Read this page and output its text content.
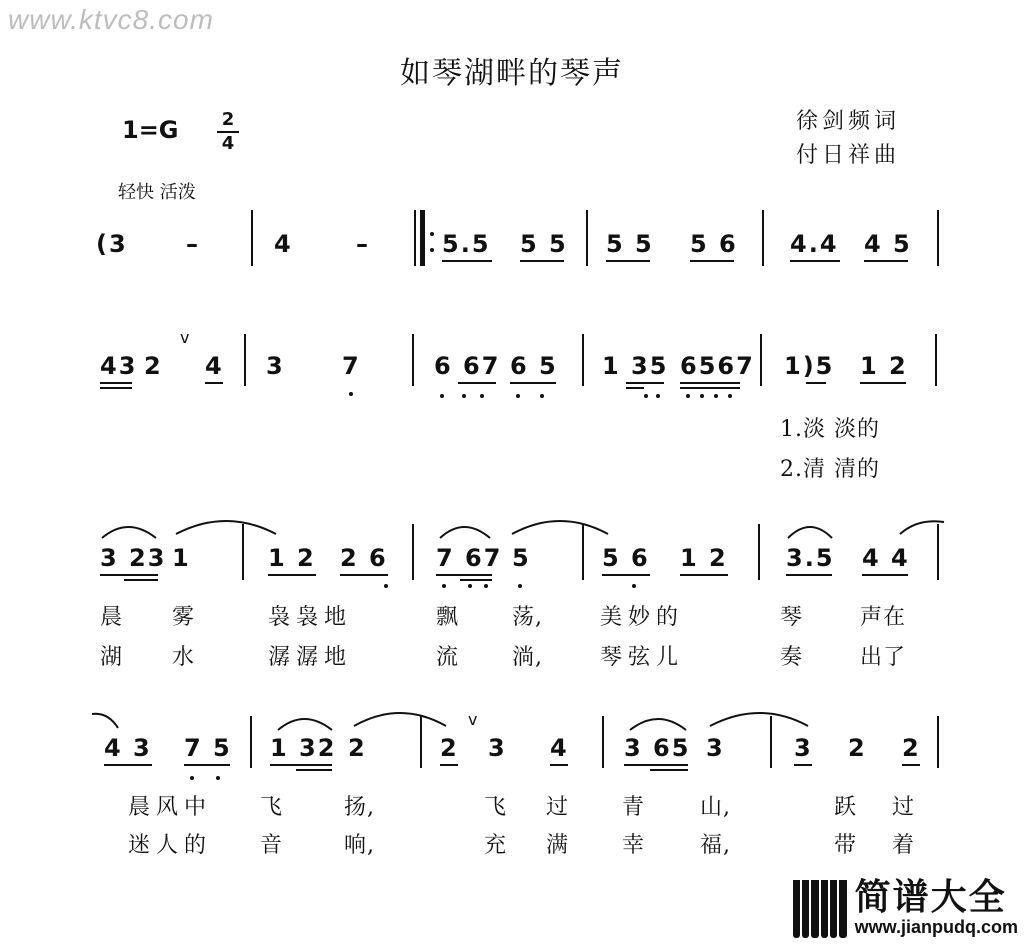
www.ktvc8.com
如琴湖畔的琴声
徐剑频词
付日祥曲
1=G 2
4
轻快 活泼
(3 –	4	–	5.5 5 5 5 5 5 6 4.4 4 5
43 2 4 3 7	6 67 6 5 1 35 6567 1)5 1 2
v
1.淡 淡的
2.清 清的
3 23 1	1 2 2 6 7 67 5	5 6 1 2 3.5 4 4
晨 雾	袅袅地	飘 荡,	美妙的	琴	声在
湖 水	潺潺地	流 淌,	琴弦儿	奏	出了
4 3 7 5 1 32 2	2 3 4 3 65 3	3 2 2
v
晨风中 飞	扬,	飞 过 青 山,	跃 过
迷人的 音	响,	充 满 幸 福,	带 着
简谱大全
www.jianpudq.com
